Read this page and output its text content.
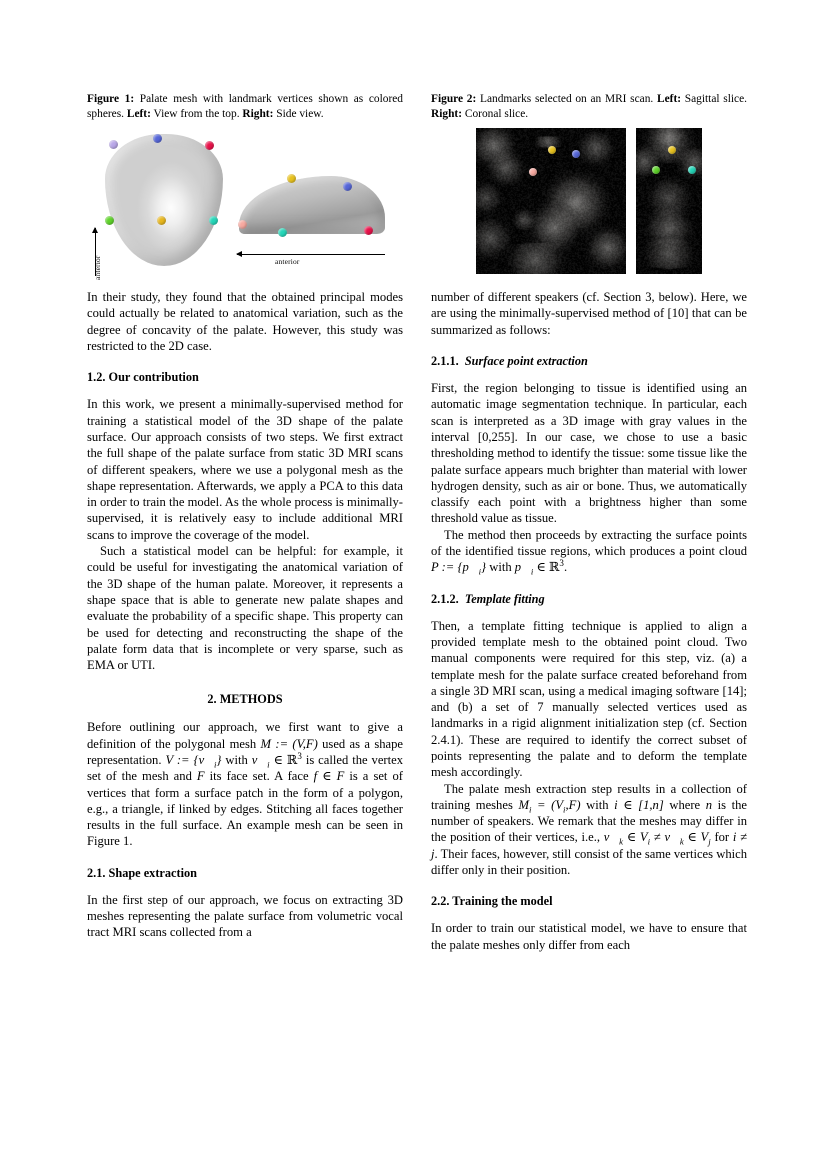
Figure 1: Palate mesh with landmark vertices shown as colored spheres. Left: View from the top. Right: Side view.
anterior	anterior

In their study, they found that the obtained principal modes could actually be related to anatomical variation, such as the degree of concavity of the palate. However, this study was restricted to the 2D case.

1.2. Our contribution

In this work, we present a minimally-supervised method for training a statistical model of the 3D shape of the palate surface. Our approach consists of two steps. We first extract the full shape of the palate surface from static 3D MRI scans of different speakers, where we use a polygonal mesh as the shape representation. Afterwards, we apply a PCA to this data in order to train the model. As the whole process is minimally-supervised, it is relatively easy to include additional MRI scans to improve the coverage of the model.

Such a statistical model can be helpful: for example, it could be useful for investigating the anatomical variation of the 3D shape of the human palate. Moreover, it represents a shape space that is able to generate new palate shapes and evaluate the probability of a specific shape. This property can be used for detecting and reconstructing the shape of the palate form data that is incomplete or very sparse, such as EMA or UTI.

2. METHODS

Before outlining our approach, we first want to give a definition of the polygonal mesh M := (V,F) used as a shape representation. V := $\{v⃗_i\}$ with $v⃗_i$ ∈ ℝ$^3$ is called the vertex set of the mesh and F its face set. A face f ∈ F is a set of vertices that form a surface patch in the form of a polygon, e.g., a triangle, if linked by edges. Stitching all faces together results in the full surface. An example mesh can be seen in Figure 1.

2.1. Shape extraction

In the first step of our approach, we focus on extracting 3D meshes representing the palate surface from volumetric vocal tract MRI scans collected from a

Figure 2: Landmarks selected on an MRI scan. Left: Sagittal slice. Right: Coronal slice.

number of different speakers (cf. Section 3, below). Here, we are using the minimally-supervised method of [10] that can be summarized as follows:

2.1.1. Surface point extraction

First, the region belonging to tissue is identified using an automatic image segmentation technique. In particular, each scan is interpreted as a 3D image with gray values in the interval [0,255]. In our case, we chose to use a basic thresholding method to identify the tissue: some tissue like the palate surface appears much brighter than material with lower hydrogen density, such as air or bone. Thus, we automatically classify each point with a brightness higher than some threshold value as tissue.

The method then proceeds by extracting the surface points of the identified tissue regions, which produces a point cloud P := $\{p⃗_i\}$ with $p⃗_i$ ∈ ℝ$^3$.

2.1.2. Template fitting

Then, a template fitting technique is applied to align a provided template mesh to the obtained point cloud. Two manual components were required for this step, viz. (a) a template mesh for the palate surface created beforehand from a single 3D MRI scan, using a medical imaging software [14]; and (b) a set of 7 manually selected vertices used as landmarks in a rigid alignment initialization step (cf. Section 2.4.1). These are required to identify the correct subset of points representing the palate and to deform the template mesh accordingly.

The palate mesh extraction step results in a collection of training meshes $M_i = (V_i,F)$ with i ∈ [1,n] where n is the number of speakers. We remark that the meshes may differ in the position of their vertices, i.e., $v⃗_k$ ∈ $V_i$ ≠ $v⃗_k$ ∈ $V_j$ for i ≠ j. Their faces, however, still consist of the same vertices which differ only in their position.

2.2. Training the model

In order to train our statistical model, we have to ensure that the palate meshes only differ from each
